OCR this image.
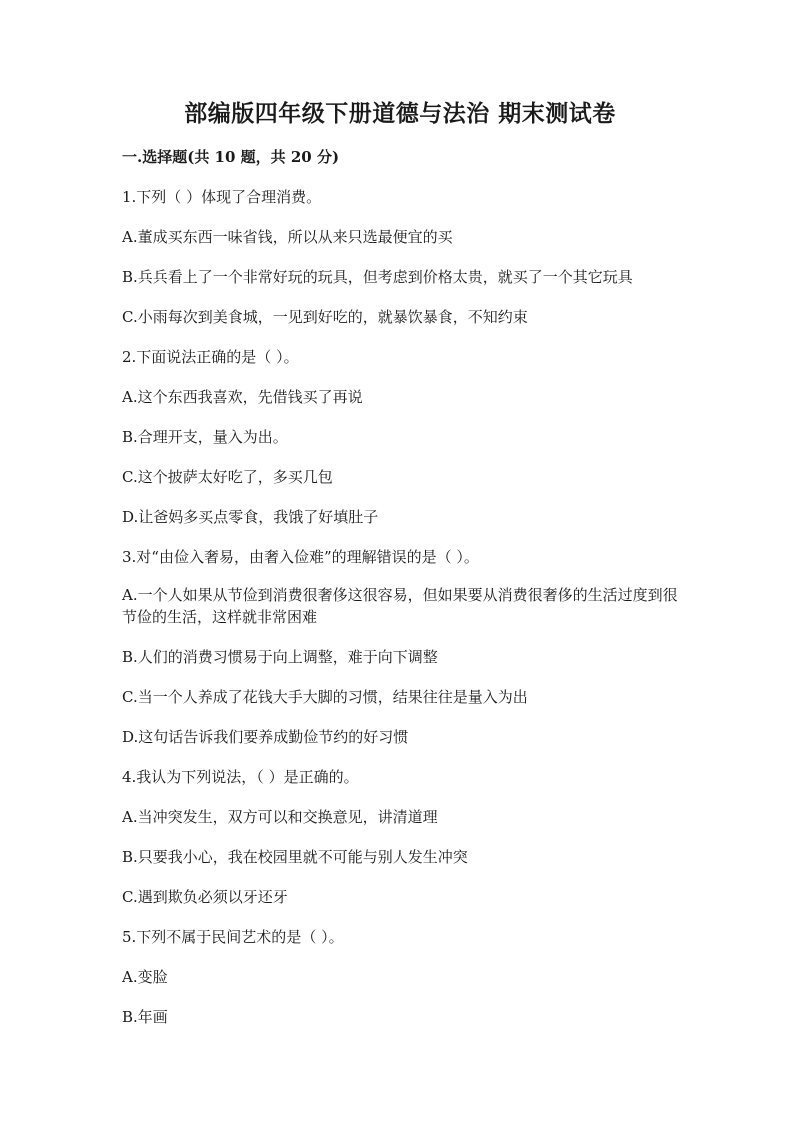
部编版四年级下册道德与法治 期末测试卷
一.选择题(共 10 题，共 20 分)
1.下列（ ）体现了合理消费。
A.董成买东西一味省钱，所以从来只选最便宜的买
B.兵兵看上了一个非常好玩的玩具，但考虑到价格太贵，就买了一个其它玩具
C.小雨每次到美食城，一见到好吃的，就暴饮暴食，不知约束
2.下面说法正确的是（ ）。
A.这个东西我喜欢，先借钱买了再说
B.合理开支，量入为出。
C.这个披萨太好吃了，多买几包
D.让爸妈多买点零食，我饿了好填肚子
3.对“由俭入奢易，由奢入俭难”的理解错误的是（ ）。
A.一个人如果从节俭到消费很奢侈这很容易，但如果要从消费很奢侈的生活过度到很节俭的生活，这样就非常困难
B.人们的消费习惯易于向上调整，难于向下调整
C.当一个人养成了花钱大手大脚的习惯，结果往往是量入为出
D.这句话告诉我们要养成勤俭节约的好习惯
4.我认为下列说法，（ ）是正确的。
A.当冲突发生，双方可以和交换意见，讲清道理
B.只要我小心，我在校园里就不可能与别人发生冲突
C.遇到欺负必须以牙还牙
5.下列不属于民间艺术的是（ ）。
A.变脸
B.年画
